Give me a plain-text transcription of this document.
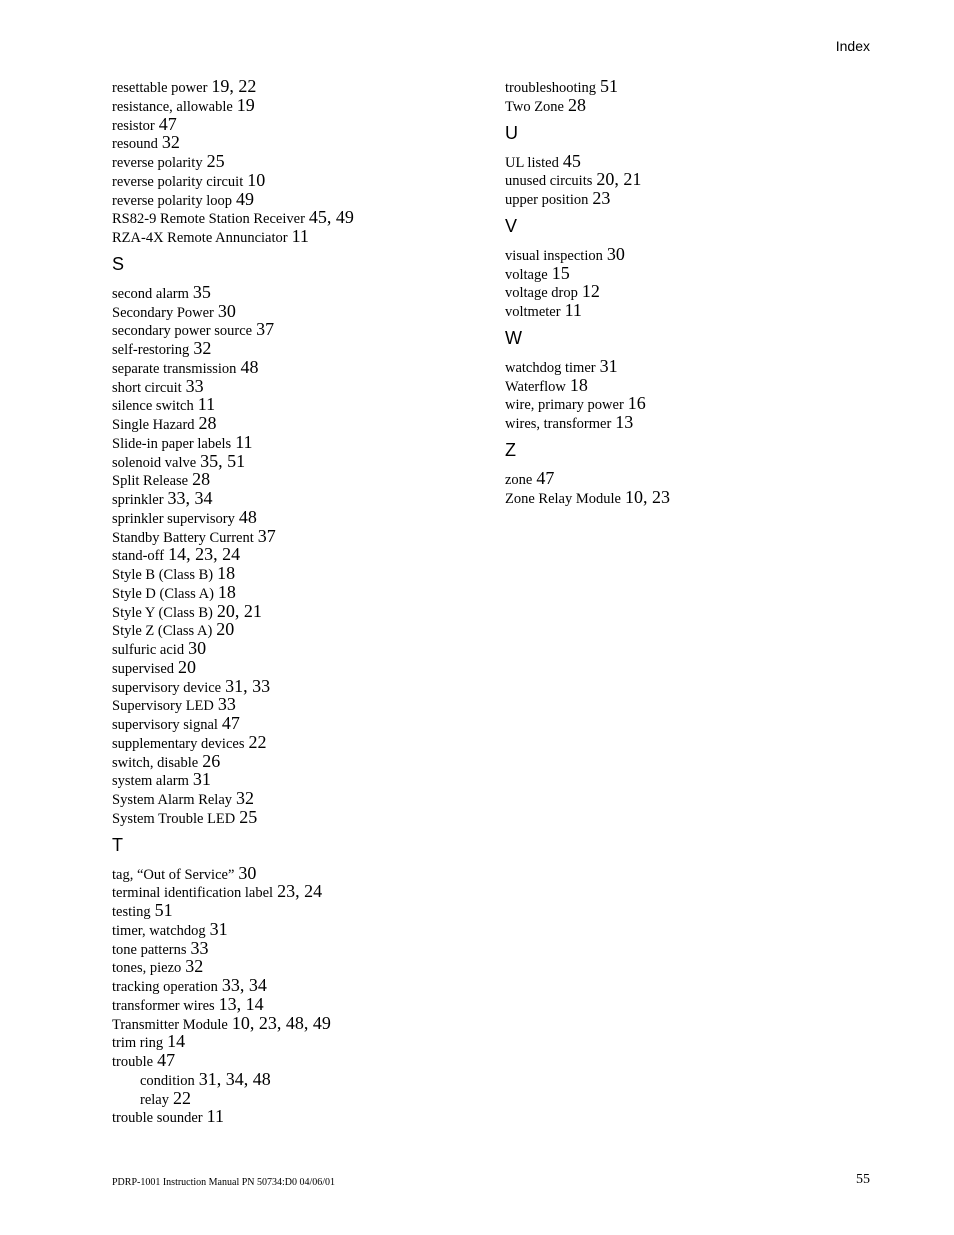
Index
resettable power 19, 22
resistance, allowable 19
resistor 47
resound 32
reverse polarity 25
reverse polarity circuit 10
reverse polarity loop 49
RS82-9 Remote Station Receiver 45, 49
RZA-4X Remote Annunciator 11
S
second alarm 35
Secondary Power 30
secondary power source 37
self-restoring 32
separate transmission 48
short circuit 33
silence switch 11
Single Hazard 28
Slide-in paper labels 11
solenoid valve 35, 51
Split Release 28
sprinkler 33, 34
sprinkler supervisory 48
Standby Battery Current 37
stand-off 14, 23, 24
Style B (Class B) 18
Style D (Class A) 18
Style Y (Class B) 20, 21
Style Z (Class A) 20
sulfuric acid 30
supervised 20
supervisory device 31, 33
Supervisory LED 33
supervisory signal 47
supplementary devices 22
switch, disable 26
system alarm 31
System Alarm Relay 32
System Trouble LED 25
T
tag, “Out of Service” 30
terminal identification label 23, 24
testing 51
timer, watchdog 31
tone patterns 33
tones, piezo 32
tracking operation 33, 34
transformer wires 13, 14
Transmitter Module 10, 23, 48, 49
trim ring 14
trouble 47
condition 31, 34, 48
relay 22
trouble sounder 11
troubleshooting 51
Two Zone 28
U
UL listed 45
unused circuits 20, 21
upper position 23
V
visual inspection 30
voltage 15
voltage drop 12
voltmeter 11
W
watchdog timer 31
Waterflow 18
wire, primary power 16
wires, transformer 13
Z
zone 47
Zone Relay Module 10, 23
PDRP-1001 Instruction Manual PN 50734:D0 04/06/01	55
